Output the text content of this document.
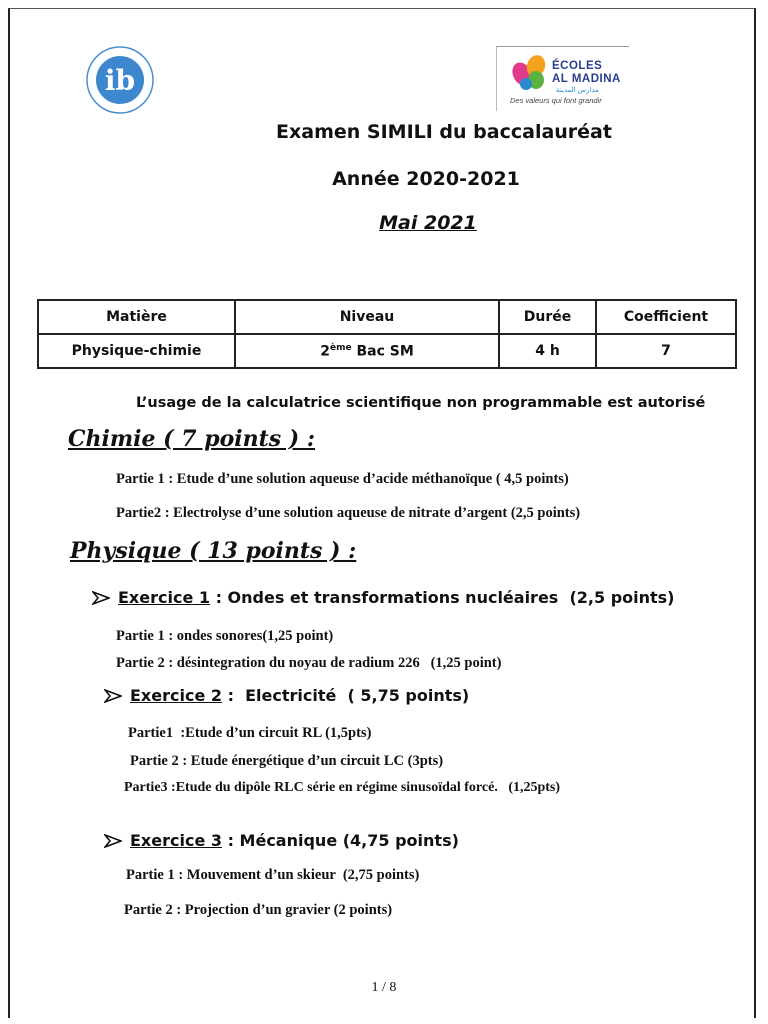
ib	ÉCOLES
AL MADINA
مدارس المدينة
Des valeurs qui font grandir
Examen SIMILI du baccalauréat
Année 2020-2021
Mai 2021
Matière	Niveau	Durée	Coefficient
Physique-chimie	2ème Bac SM	4 h	7
L’usage de la calculatrice scientifique non programmable est autorisé
Chimie ( 7 points ) :
Partie 1 : Etude d’une solution aqueuse d’acide méthanoïque ( 4,5 points)
Partie2 : Electrolyse d’une solution aqueuse de nitrate d’argent (2,5 points)
Physique ( 13 points ) :
Exercice 1 : Ondes et transformations nucléaires  (2,5 points)
Partie 1 : ondes sonores(1,25 point)
Partie 2 : désintegration du noyau de radium 226   (1,25 point)
Exercice 2 :  Electricité  ( 5,75 points)
Partie1  :Etude d’un circuit RL (1,5pts)
Partie 2 : Etude énergétique d’un circuit LC (3pts)
Partie3 :Etude du dipôle RLC série en régime sinusoïdal forcé.   (1,25pts)
Exercice 3 : Mécanique (4,75 points)
Partie 1 : Mouvement d’un skieur  (2,75 points)
Partie 2 : Projection d’un gravier (2 points)
1 / 8
